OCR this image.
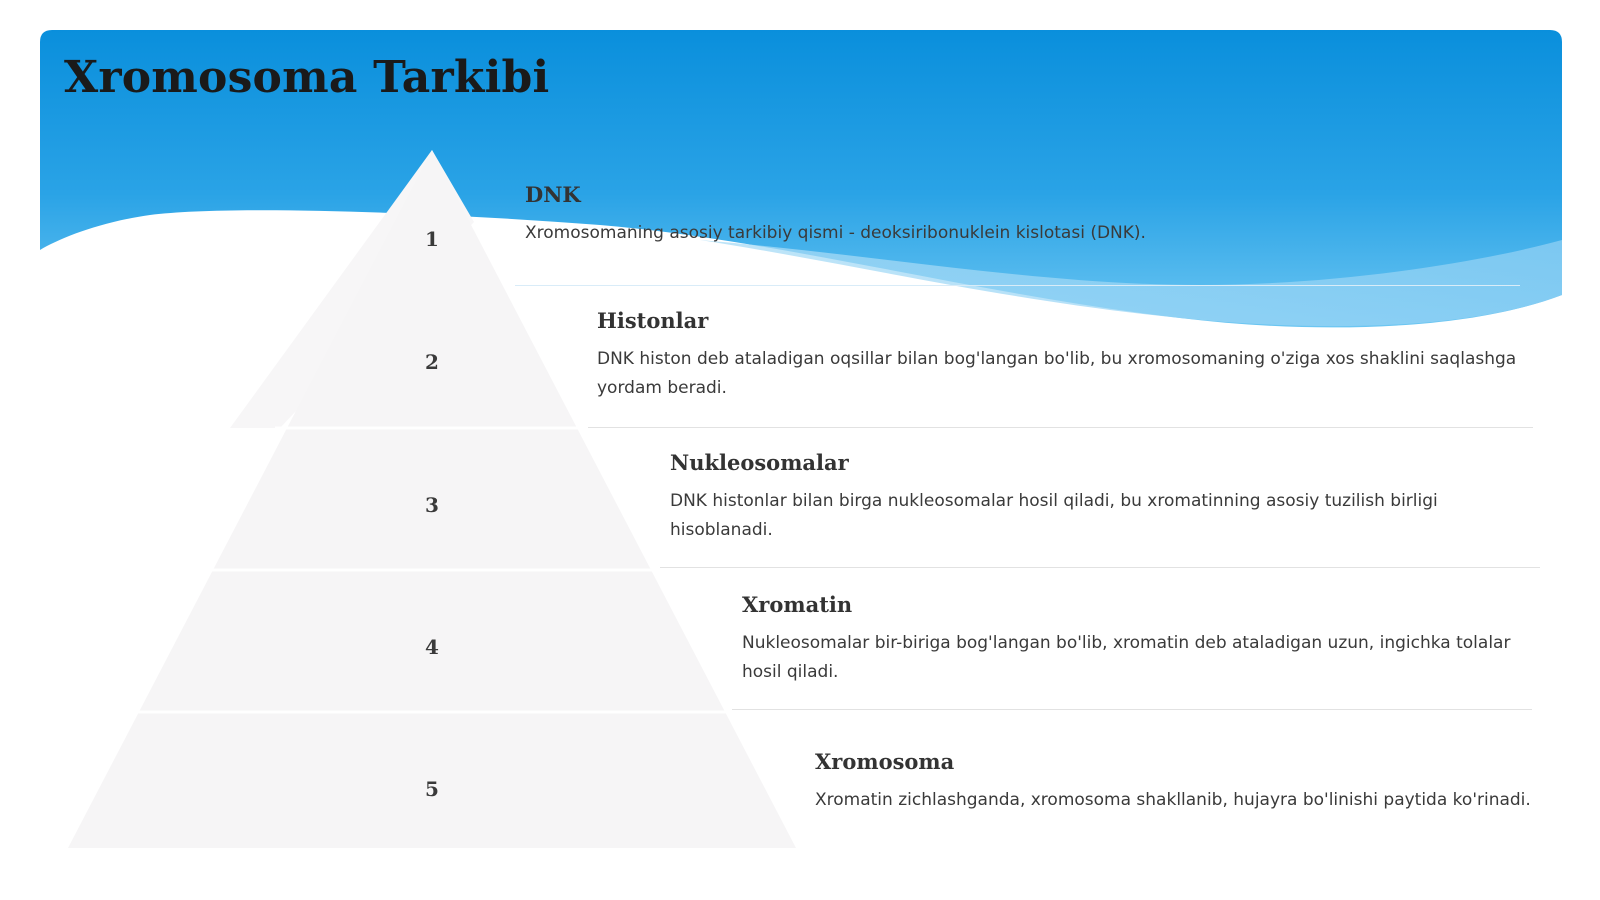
Xromosoma Tarkibi
1
2
3
4
5
DNK

Xromosomaning asosiy tarkibiy qismi - deoksiribonuklein kislotasi (DNK).

Histonlar

DNK histon deb ataladigan oqsillar bilan bog'langan bo'lib, bu xromosomaning o'ziga xos shaklini saqlashga yordam beradi.

Nukleosomalar

DNK histonlar bilan birga nukleosomalar hosil qiladi, bu xromatinning asosiy tuzilish birligi hisoblanadi.

Xromatin

Nukleosomalar bir-biriga bog'langan bo'lib, xromatin deb ataladigan uzun, ingichka tolalar hosil qiladi.

Xromosoma

Xromatin zichlashganda, xromosoma shakllanib, hujayra bo'linishi paytida ko'rinadi.
